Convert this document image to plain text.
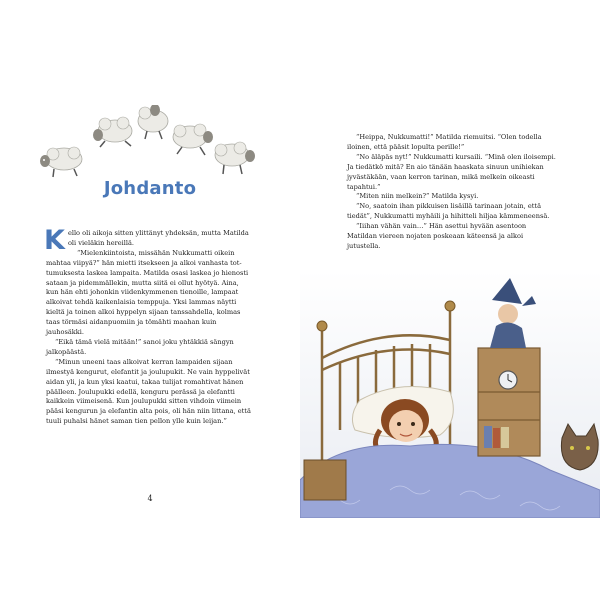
Johdanto

Kello oli aikoja sitten ylittänyt yhdeksän, mutta Matilda oli vieläkin hereillä.

“Mielenkiintoista, missähän Nukkumatti oikein mahtaa viipyä?” hän mietti itsekseen ja alkoi vanhasta tottumuksesta laskea lampaita. Matilda osasi laskea jo hienosti sataan ja pidemmällekin, mutta siitä ei ollut hyötyä. Aina, kun hän ehti johonkin viidenkymmenen tienoille, lampaat alkoivat tehdä kaikenlaisia temppuja. Yksi lammas näytti kieltä ja toinen alkoi hyppelyn sijaan tanssahdella, kolmas taas törmäsi aidanpuomiin ja tömähti maahan kuin jauhosäkki.

“Eikä tämä vielä mitään!” sanoi joku yhtäkkiä sängyn jalkopäästä.

“Minun uneeni taas alkoivat kerran lampaiden sijaan ilmestyä kengurut, elefantit ja joulupukit. Ne vain hyppelivät aidan yli, ja kun yksi kaatui, takaa tulijat romahtivat hänen päälleen. Joulupukki edellä, kenguru perässä ja elefantti kaikkein viimeisenä. Kun joulupukki sitten vihdoin viimein pääsi kengurun ja elefantin alta pois, oli hän niin littana, että tuuli puhalsi hänet saman tien pellon ylle kuin leijan.”

4

“Heippa, Nukkumatti!” Matilda riemuitsi. “Olen todella iloinen, että pääsit lopulta perille!”

“No äläpäs nyt!” Nukkumatti kursaili. “Minä olen iloisempi. Ja tiedätkö mitä? En aio tänään haaskata sinuun unihiekan jyvästäkään, vaan kerron tarinan, mikä melkein oikeasti tapahtui.”

“Miten niin melkein?” Matilda kysyi.

“No, saatoin ihan pikkuisen lisäillä tarinaan jotain, että tiedät”, Nukkumatti myhäili ja hihitteli hiljaa kämmeneensä.

“Iiihan vähän vain…” Hän asettui hyvään asentoon Matildan viereen nojaten poskeaan käteensä ja alkoi jutustella.
